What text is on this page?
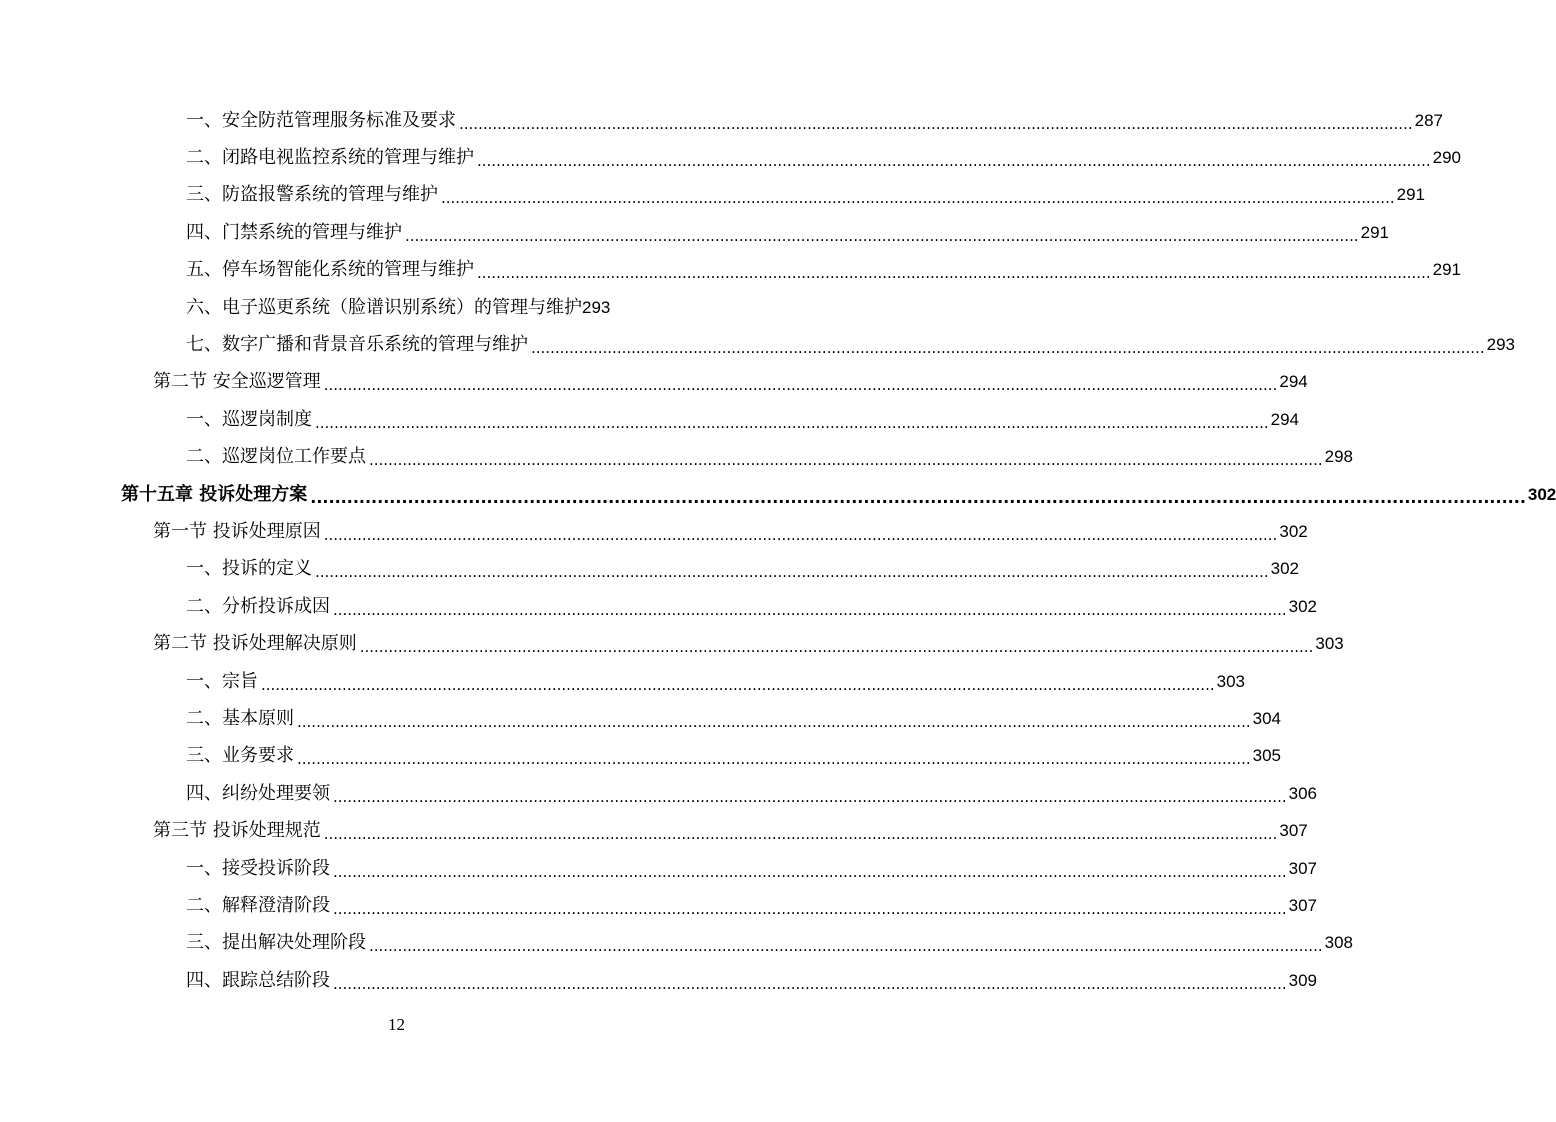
一、安全防范管理服务标准及要求 ........................................................................................................................................................................................................ 287
二、闭路电视监控系统的管理与维护 ........................................................................................................................................................................................................ 290
三、防盗报警系统的管理与维护 ........................................................................................................................................................................................................ 291
四、门禁系统的管理与维护 ........................................................................................................................................................................................................ 291
五、停车场智能化系统的管理与维护 ........................................................................................................................................................................................................ 291
六、电子巡更系统（脸谱识别系统）的管理与维护 293
七、数字广播和背景音乐系统的管理与维护 ........................................................................................................................................................................................................ 293
第二节 安全巡逻管理 ........................................................................................................................................................................................................ 294
一、巡逻岗制度 ........................................................................................................................................................................................................ 294
二、巡逻岗位工作要点 ........................................................................................................................................................................................................ 298
第十五章 投诉处理方案 ........................................................................................................................................................................................................ 302
第一节 投诉处理原因 ........................................................................................................................................................................................................ 302
一、投诉的定义 ........................................................................................................................................................................................................ 302
二、分析投诉成因 ........................................................................................................................................................................................................ 302
第二节 投诉处理解决原则 ........................................................................................................................................................................................................ 303
一、宗旨 ........................................................................................................................................................................................................ 303
二、基本原则 ........................................................................................................................................................................................................ 304
三、业务要求 ........................................................................................................................................................................................................ 305
四、纠纷处理要领 ........................................................................................................................................................................................................ 306
第三节 投诉处理规范 ........................................................................................................................................................................................................ 307
一、接受投诉阶段 ........................................................................................................................................................................................................ 307
二、解释澄清阶段 ........................................................................................................................................................................................................ 307
三、提出解决处理阶段 ........................................................................................................................................................................................................ 308
四、跟踪总结阶段 ........................................................................................................................................................................................................ 309
12
